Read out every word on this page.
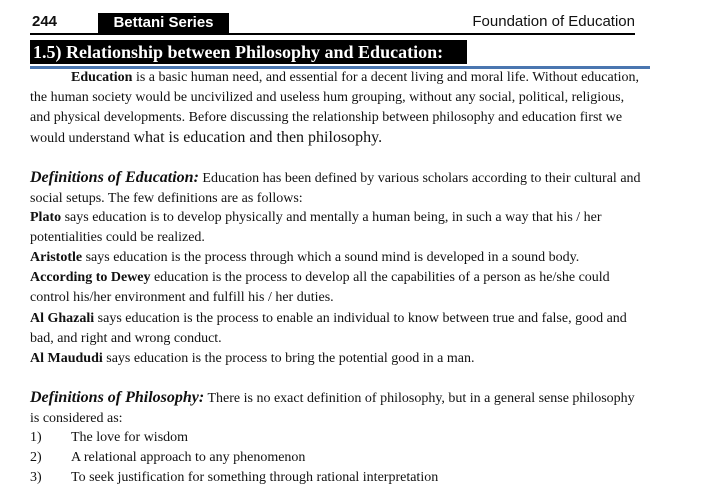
244	Bettani Series	Foundation of Education
1.5) Relationship between Philosophy and Education:
Education is a basic human need, and essential for a decent living and moral life. Without education, the human society would be uncivilized and useless hum grouping, without any social, political, religious, and physical developments. Before discussing the relationship between philosophy and education first we would understand what is education and then philosophy.
Definitions of Education: Education has been defined by various scholars according to their cultural and social setups. The few definitions are as follows:
Plato says education is to develop physically and mentally a human being, in such a way that his / her potentialities could be realized.
Aristotle says education is the process through which a sound mind is developed in a sound body.
According to Dewey education is the process to develop all the capabilities of a person as he/she could control his/her environment and fulfill his / her duties.
Al Ghazali says education is the process to enable an individual to know between true and false, good and bad, and right and wrong conduct.
Al Maududi says education is the process to bring the potential good in a man.
Definitions of Philosophy: There is no exact definition of philosophy, but in a general sense philosophy is considered as:
1) The love for wisdom
2) A relational approach to any phenomenon
3) To seek justification for something through rational interpretation
